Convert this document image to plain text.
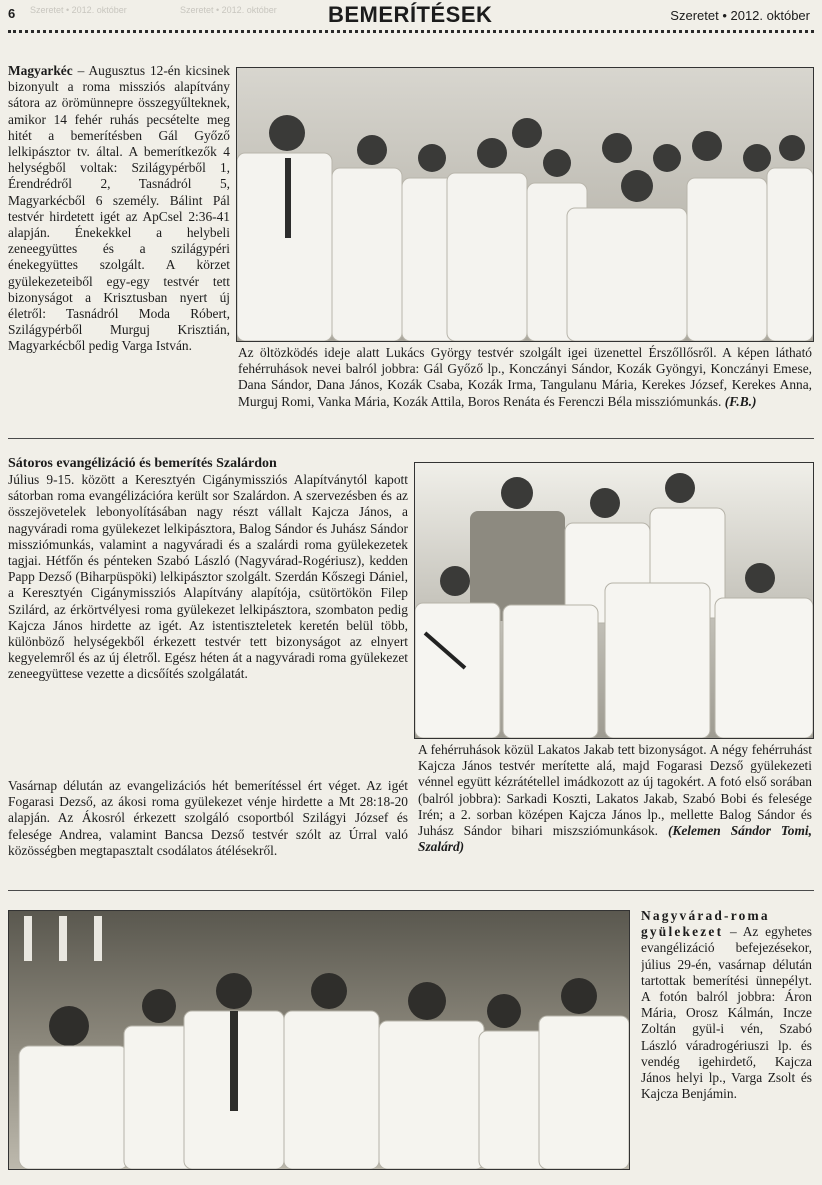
6 Szeretet • 2012. október	Szeretet • 2012. október BEMERÍTÉSEK	Szeretet • 2012. október
Magyarkéc – Augusztus 12-én kicsinek bizonyult a roma missziós alapítvány sátora az örömünnepre összegyűlteknek, amikor 14 fehér ruhás pecsételte meg hitét a bemerítésben Gál Győző lelkipásztor tv. által. A bemerítkezők 4 helységből voltak: Szilágypérből 1, Érendrédről 2, Tasnádról 5, Magyarkécből 6 személy. Bálint Pál testvér hirdetett igét az ApCsel 2:36-41 alapján. Énekekkel a helybeli zeneegyüttes és a szilágypéri énekegyüttes szolgált. A körzet gyülekezeteiből egy-egy testvér tett bizonyságot a Krisztusban nyert új életről: Tasnádról Moda Róbert, Szilágypérből Murguj Krisztián, Magyarkécből pedig Varga István.	Az öltözködés ideje alatt Lukács György testvér szolgált igei üzenettel Érszőllősről. A képen látható fehérruhások nevei balról jobbra: Gál Győző lp., Konczányi Sándor, Kozák Gyöngyi, Konczányi Emese, Dana Sándor, Dana János, Kozák Csaba, Kozák Irma, Tangulanu Mária, Kerekes József, Kerekes Anna, Murguj Romi, Vanka Mária, Kozák Attila, Boros Renáta és Ferenczi Béla missziómunkás. (F.B.)
Sátoros evangélizáció és bemerítés Szalárdon
Július 9-15. között a Keresztyén Cigánymissziós Alapítványtól kapott sátorban roma evangélizációra került sor Szalárdon. A szervezésben és az összejövetelek lebonyolításában nagy részt vállalt Kajcza János, a nagyváradi roma gyülekezet lelkipásztora, Balog Sándor és Juhász Sándor missziómunkás, valamint a nagyváradi és a szalárdi roma gyülekezetek tagjai. Hétfőn és pénteken Szabó László (Nagyvárad-Rogériusz), kedden Papp Dezső (Biharpüspöki) lelkipásztor szolgált. Szerdán Kőszegi Dániel, a Keresztyén Cigánymissziós Alapítvány alapítója, csütörtökön Filep Szilárd, az érkörtvélyesi roma gyülekezet lelkipásztora, szombaton pedig Kajcza János hirdette az igét. Az istentiszteletek keretén belül több, különböző helységekből érkezett testvér tett bizonyságot az elnyert kegyelemről és az új életről. Egész héten át a nagyváradi roma gyülekezet zeneegyüttese vezette a dicsőítés szolgálatát.
Vasárnap délután az evangelizációs hét bemerítéssel ért véget. Az igét Fogarasi Dezső, az ákosi roma gyülekezet vénje hirdette a Mt 28:18-20 alapján. Az Ákosról érkezett szolgáló csoportból Szilágyi József és felesége Andrea, valamint Bancsa Dezső testvér szólt az Úrral való közösségben megtapasztalt csodálatos átélésekről.
A fehérruhások közül Lakatos Jakab tett bizonyságot. A négy fehérruhást Kajcza János testvér merítette alá, majd Fogarasi Dezső gyülekezeti vénnel együtt kézrátétellel imádkozott az új tagokért. A fotó első sorában (balról jobbra): Sarkadi Koszti, Lakatos Jakab, Szabó Bobi és felesége Irén; a 2. sorban középen Kajcza János lp., mellette Balog Sándor és Juhász Sándor bihari miszsziómunkások. (Kelemen Sándor Tomi, Szalárd)
Nagyvárad-roma gyülekezet – Az egyhetes evangélizáció befejezésekor, július 29-én, vasárnap délután tartottak bemerítési ünnepélyt. A fotón balról jobbra: Áron Mária, Orosz Kálmán, Incze Zoltán gyül-i vén, Szabó László váradrogériuszi lp. és vendég igehirdető, Kajcza János helyi lp., Varga Zsolt és Kajcza Benjámin.
